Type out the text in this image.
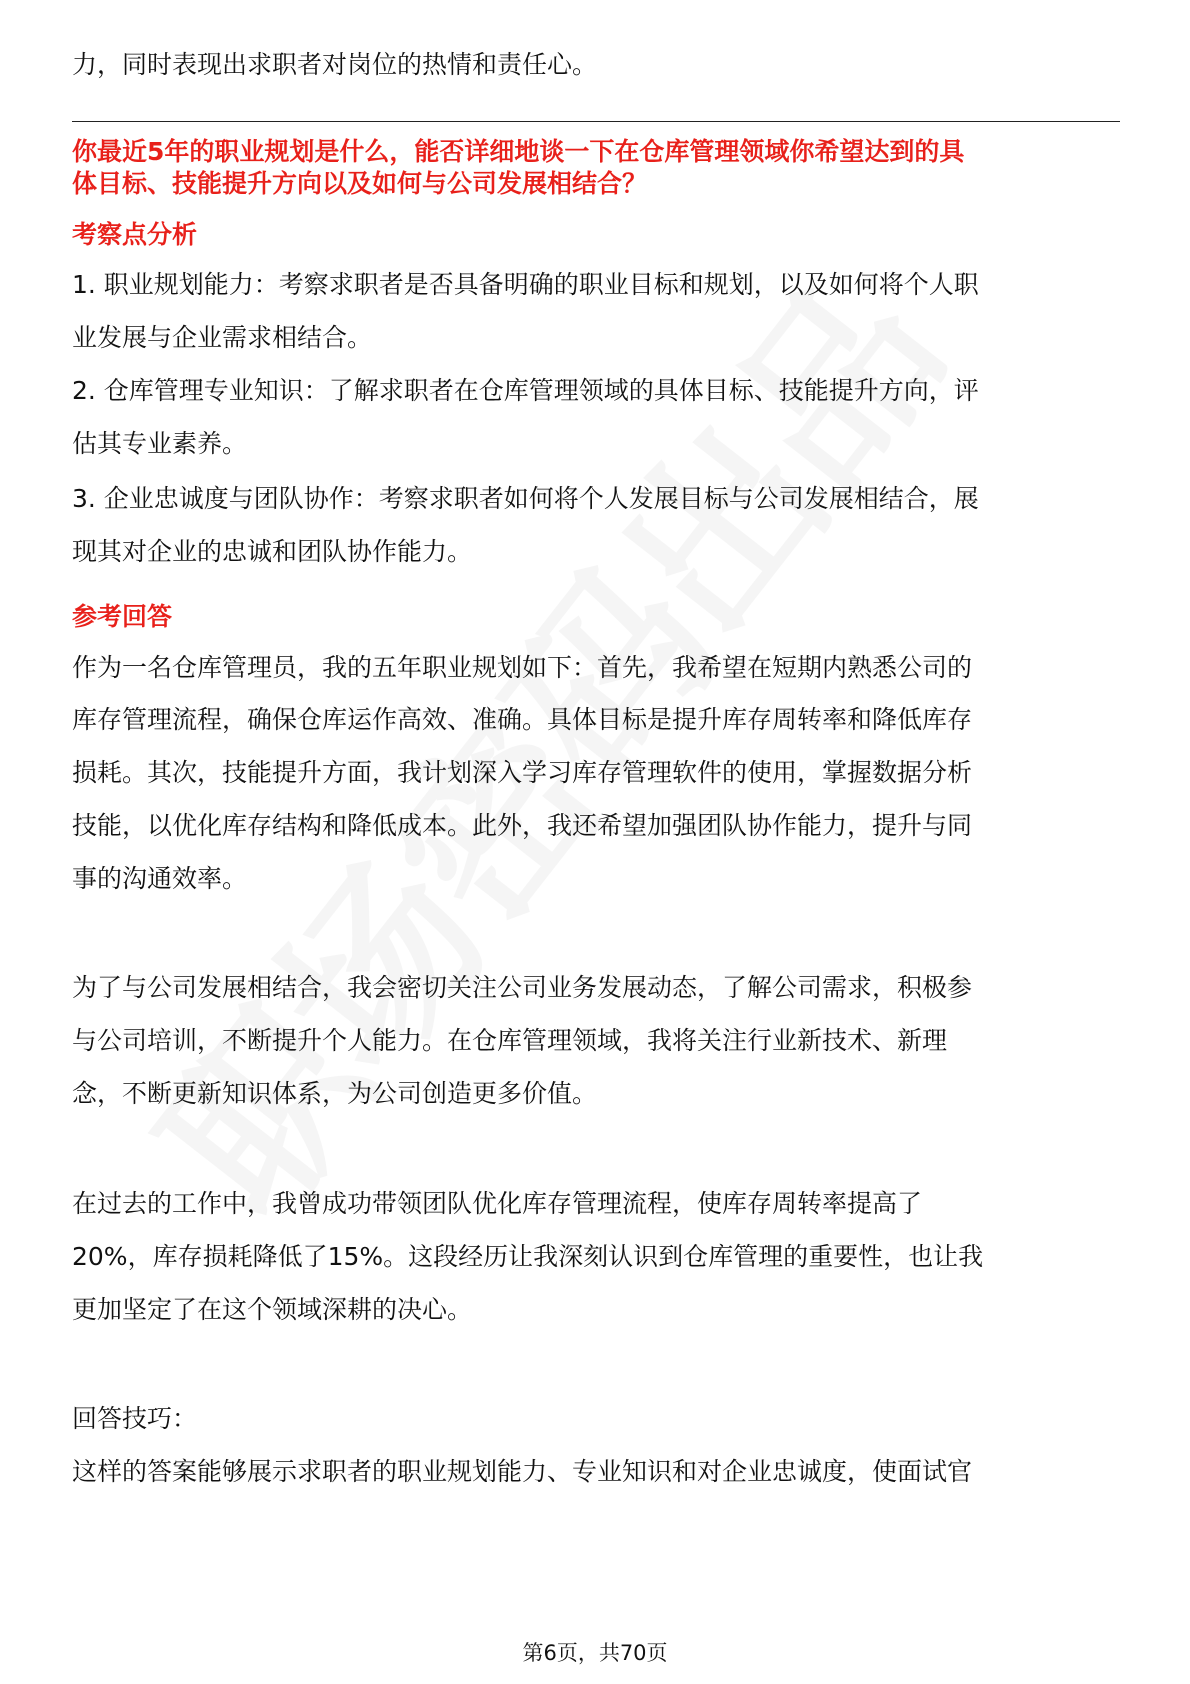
力，同时表现出求职者对岗位的热情和责任心。
你最近5年的职业规划是什么，能否详细地谈一下在仓库管理领域你希望达到的具
体目标、技能提升方向以及如何与公司发展相结合？
考察点分析
1. 职业规划能力：考察求职者是否具备明确的职业目标和规划，以及如何将个人职
业发展与企业需求相结合。
2. 仓库管理专业知识：了解求职者在仓库管理领域的具体目标、技能提升方向，评
估其专业素养。
3. 企业忠诚度与团队协作：考察求职者如何将个人发展目标与公司发展相结合，展
现其对企业的忠诚和团队协作能力。
参考回答
作为一名仓库管理员，我的五年职业规划如下：首先，我希望在短期内熟悉公司的
库存管理流程，确保仓库运作高效、准确。具体目标是提升库存周转率和降低库存
损耗。其次，技能提升方面，我计划深入学习库存管理软件的使用，掌握数据分析
技能，以优化库存结构和降低成本。此外，我还希望加强团队协作能力，提升与同
事的沟通效率。
为了与公司发展相结合，我会密切关注公司业务发展动态，了解公司需求，积极参
与公司培训，不断提升个人能力。在仓库管理领域，我将关注行业新技术、新理
念，不断更新知识体系，为公司创造更多价值。
在过去的工作中，我曾成功带领团队优化库存管理流程，使库存周转率提高了
20%，库存损耗降低了15%。这段经历让我深刻认识到仓库管理的重要性，也让我
更加坚定了在这个领域深耕的决心。
回答技巧：
这样的答案能够展示求职者的职业规划能力、专业知识和对企业忠诚度，使面试官
第6页，共70页
